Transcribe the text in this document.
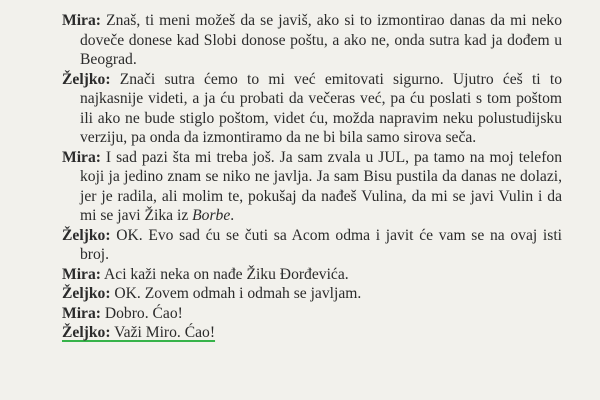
Mira: Znaš, ti meni možeš da se javiš, ako si to izmontirao danas da mi neko doveče donese kad Slobi donose poštu, a ako ne, onda sutra kad ja dođem u Beograd.

Željko: Znači sutra ćemo to mi već emitovati sigurno. Ujutro ćeš ti to najkasnije videti, a ja ću probati da večeras već, pa ću poslati s tom poštom ili ako ne bude stiglo poštom, videt ću, možda napravim neku polustudijsku verziju, pa onda da izmontiramo da ne bi bila samo sirova seča.

Mira: I sad pazi šta mi treba još. Ja sam zvala u JUL, pa tamo na moj telefon koji ja jedino znam se niko ne javlja. Ja sam Bisu pustila da danas ne dolazi, jer je radila, ali molim te, pokušaj da nađeš Vulina, da mi se javi Vulin i da mi se javi Žika iz Borbe.

Željko: OK. Evo sad ću se čuti sa Acom odma i javit će vam se na ovaj isti broj.

Mira: Aci kaži neka on nađe Žiku Đorđevića.

Željko: OK. Zovem odmah i odmah se javljam.

Mira: Dobro. Ćao!

Željko: Važi Miro. Ćao!
